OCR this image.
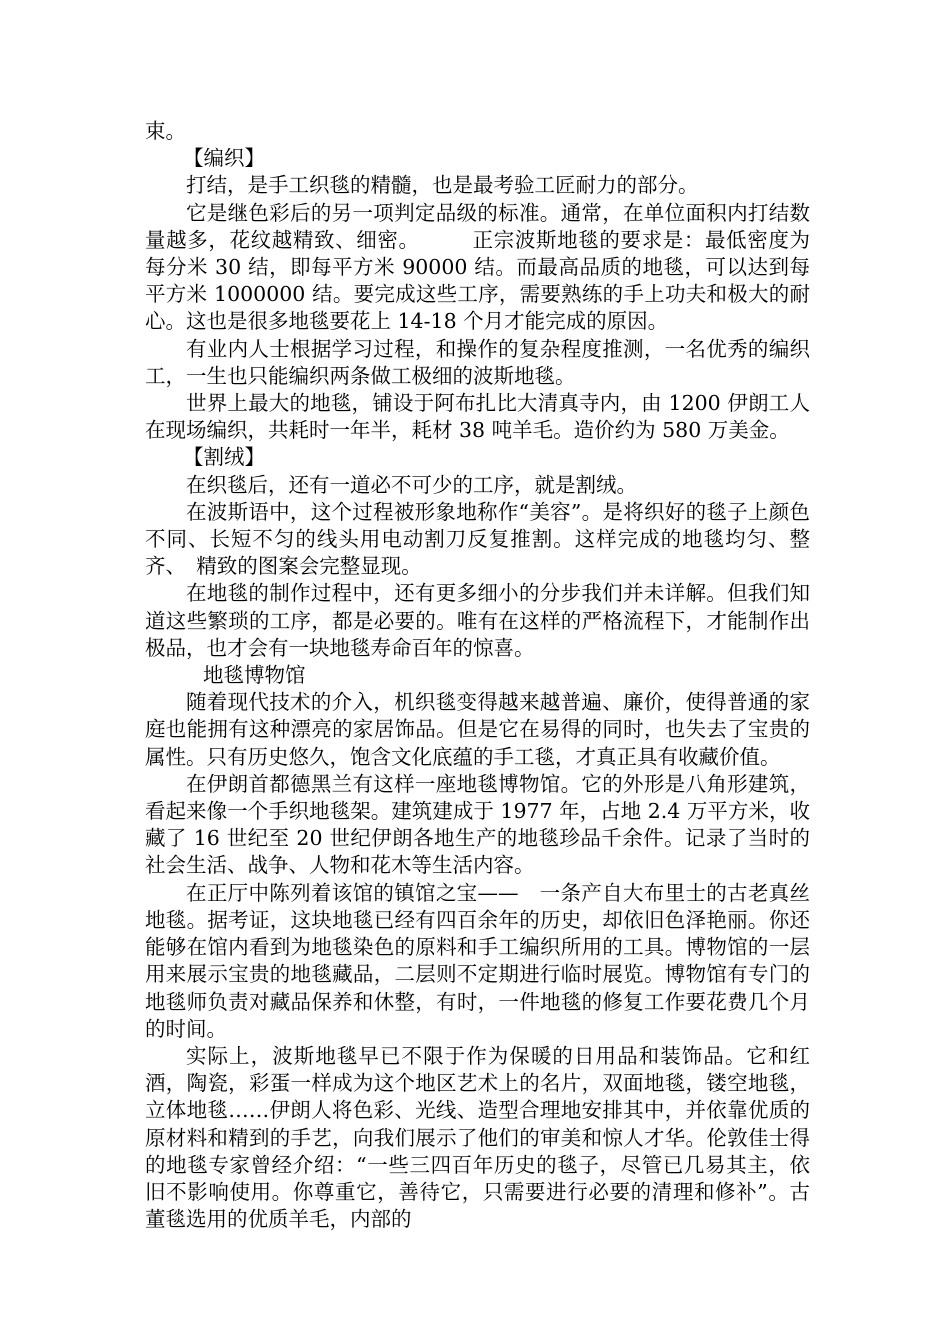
束。

【编织】

打结，是手工织毯的精髓，也是最考验工匠耐力的部分。

它是继色彩后的另一项判定品级的标准。通常，在单位面积内打结数量越多，花纹越精致、细密。　　　正宗波斯地毯的要求是：最低密度为每分米 30 结，即每平方米 90000 结。而最高品质的地毯，可以达到每平方米 1000000 结。要完成这些工序，需要熟练的手上功夫和极大的耐心。这也是很多地毯要花上 14-18 个月才能完成的原因。

有业内人士根据学习过程，和操作的复杂程度推测，一名优秀的编织工，一生也只能编织两条做工极细的波斯地毯。

世界上最大的地毯，铺设于阿布扎比大清真寺内，由 1200 伊朗工人在现场编织，共耗时一年半，耗材 38 吨羊毛。造价约为 580 万美金。

【割绒】

在织毯后，还有一道必不可少的工序，就是割绒。

在波斯语中，这个过程被形象地称作“美容”。是将织好的毯子上颜色不同、长短不匀的线头用电动割刀反复推割。这样完成的地毯均匀、整齐、　精致的图案会完整显现。

在地毯的制作过程中，还有更多细小的分步我们并未详解。但我们知道这些繁琐的工序，都是必要的。唯有在这样的严格流程下，才能制作出极品，也才会有一块地毯寿命百年的惊喜。

地毯博物馆

随着现代技术的介入，机织毯变得越来越普遍、廉价，使得普通的家庭也能拥有这种漂亮的家居饰品。但是它在易得的同时，也失去了宝贵的属性。只有历史悠久，饱含文化底蕴的手工毯，才真正具有收藏价值。

在伊朗首都德黑兰有这样一座地毯博物馆。它的外形是八角形建筑，看起来像一个手织地毯架。建筑建成于 1977 年，占地 2.4 万平方米，收藏了 16 世纪至 20 世纪伊朗各地生产的地毯珍品千余件。记录了当时的社会生活、战争、人物和花木等生活内容。

在正厅中陈列着该馆的镇馆之宝——　一条产自大布里士的古老真丝地毯。据考证，这块地毯已经有四百余年的历史，却依旧色泽艳丽。你还能够在馆内看到为地毯染色的原料和手工编织所用的工具。博物馆的一层用来展示宝贵的地毯藏品，二层则不定期进行临时展览。博物馆有专门的地毯师负责对藏品保养和休整，有时，一件地毯的修复工作要花费几个月的时间。

实际上，波斯地毯早已不限于作为保暖的日用品和装饰品。它和红酒，陶瓷，彩蛋一样成为这个地区艺术上的名片，双面地毯，镂空地毯，立体地毯……伊朗人将色彩、光线、造型合理地安排其中，并依靠优质的原材料和精到的手艺，向我们展示了他们的审美和惊人才华。伦敦佳士得的地毯专家曾经介绍：“一些三四百年历史的毯子，尽管已几易其主，依旧不影响使用。你尊重它，善待它，只需要进行必要的清理和修补”。古董毯选用的优质羊毛，内部的
